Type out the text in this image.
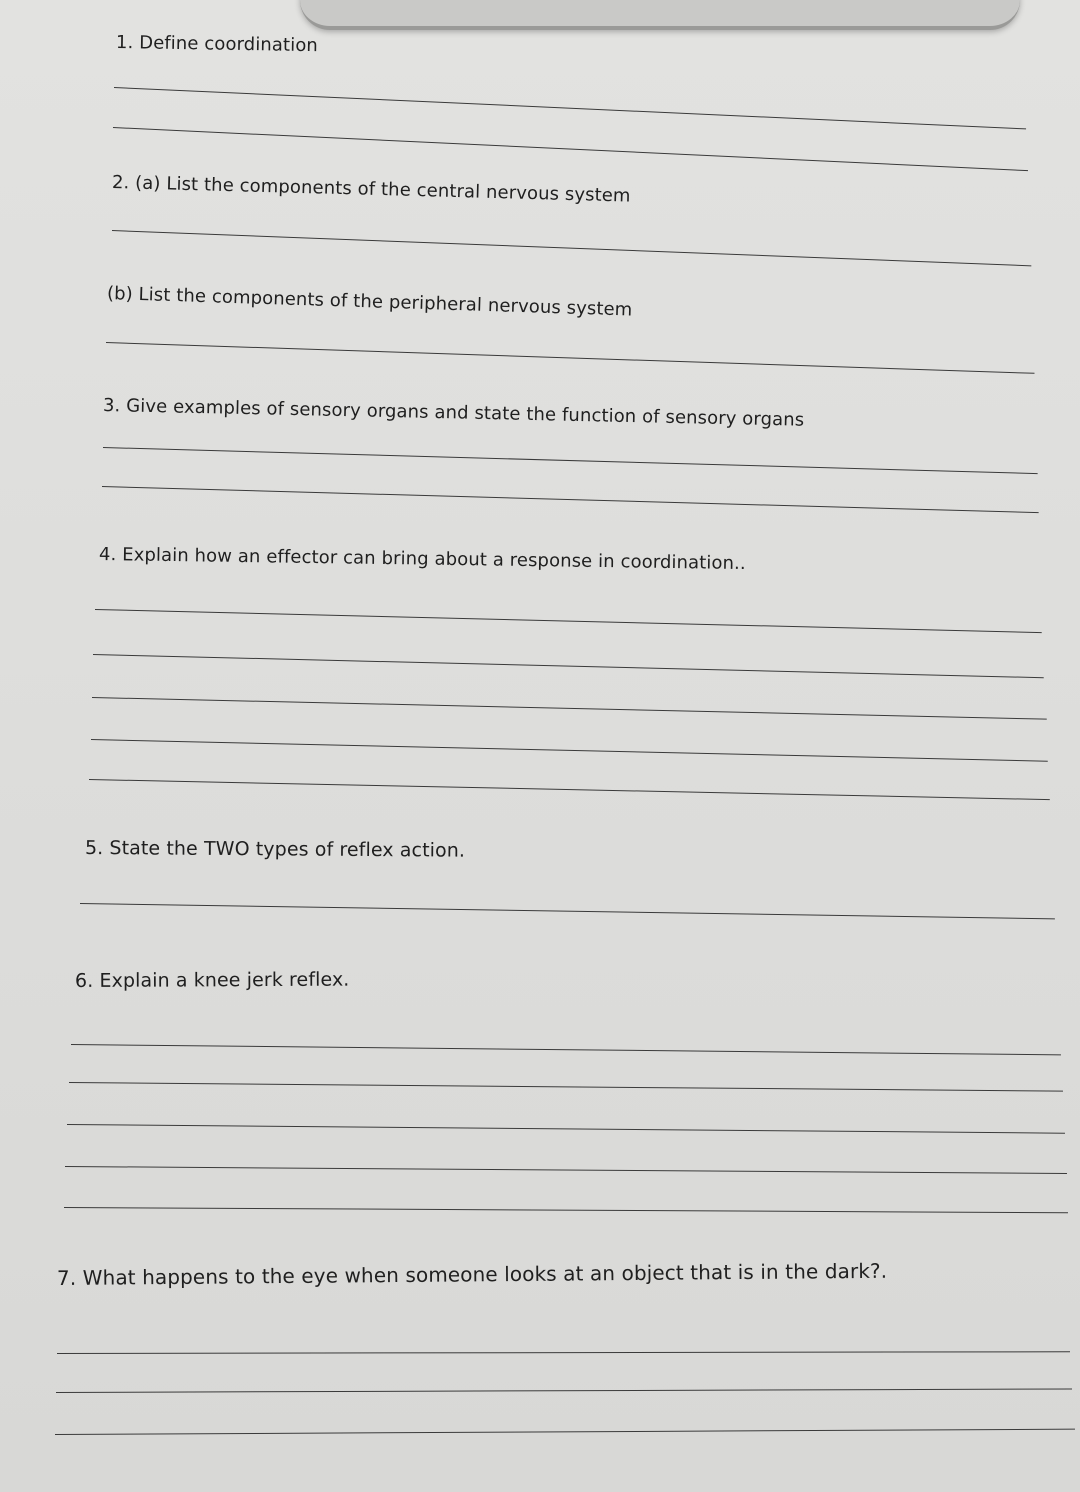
1. Define coordination

2. (a) List the components of the central nervous system

(b) List the components of the peripheral nervous system

3. Give examples of sensory organs and state the function of sensory organs

4. Explain how an effector can bring about a response in coordination..

5. State the TWO types of reflex action.

6. Explain a knee jerk reflex.

7. What happens to the eye when someone looks at an object that is in the dark?.
